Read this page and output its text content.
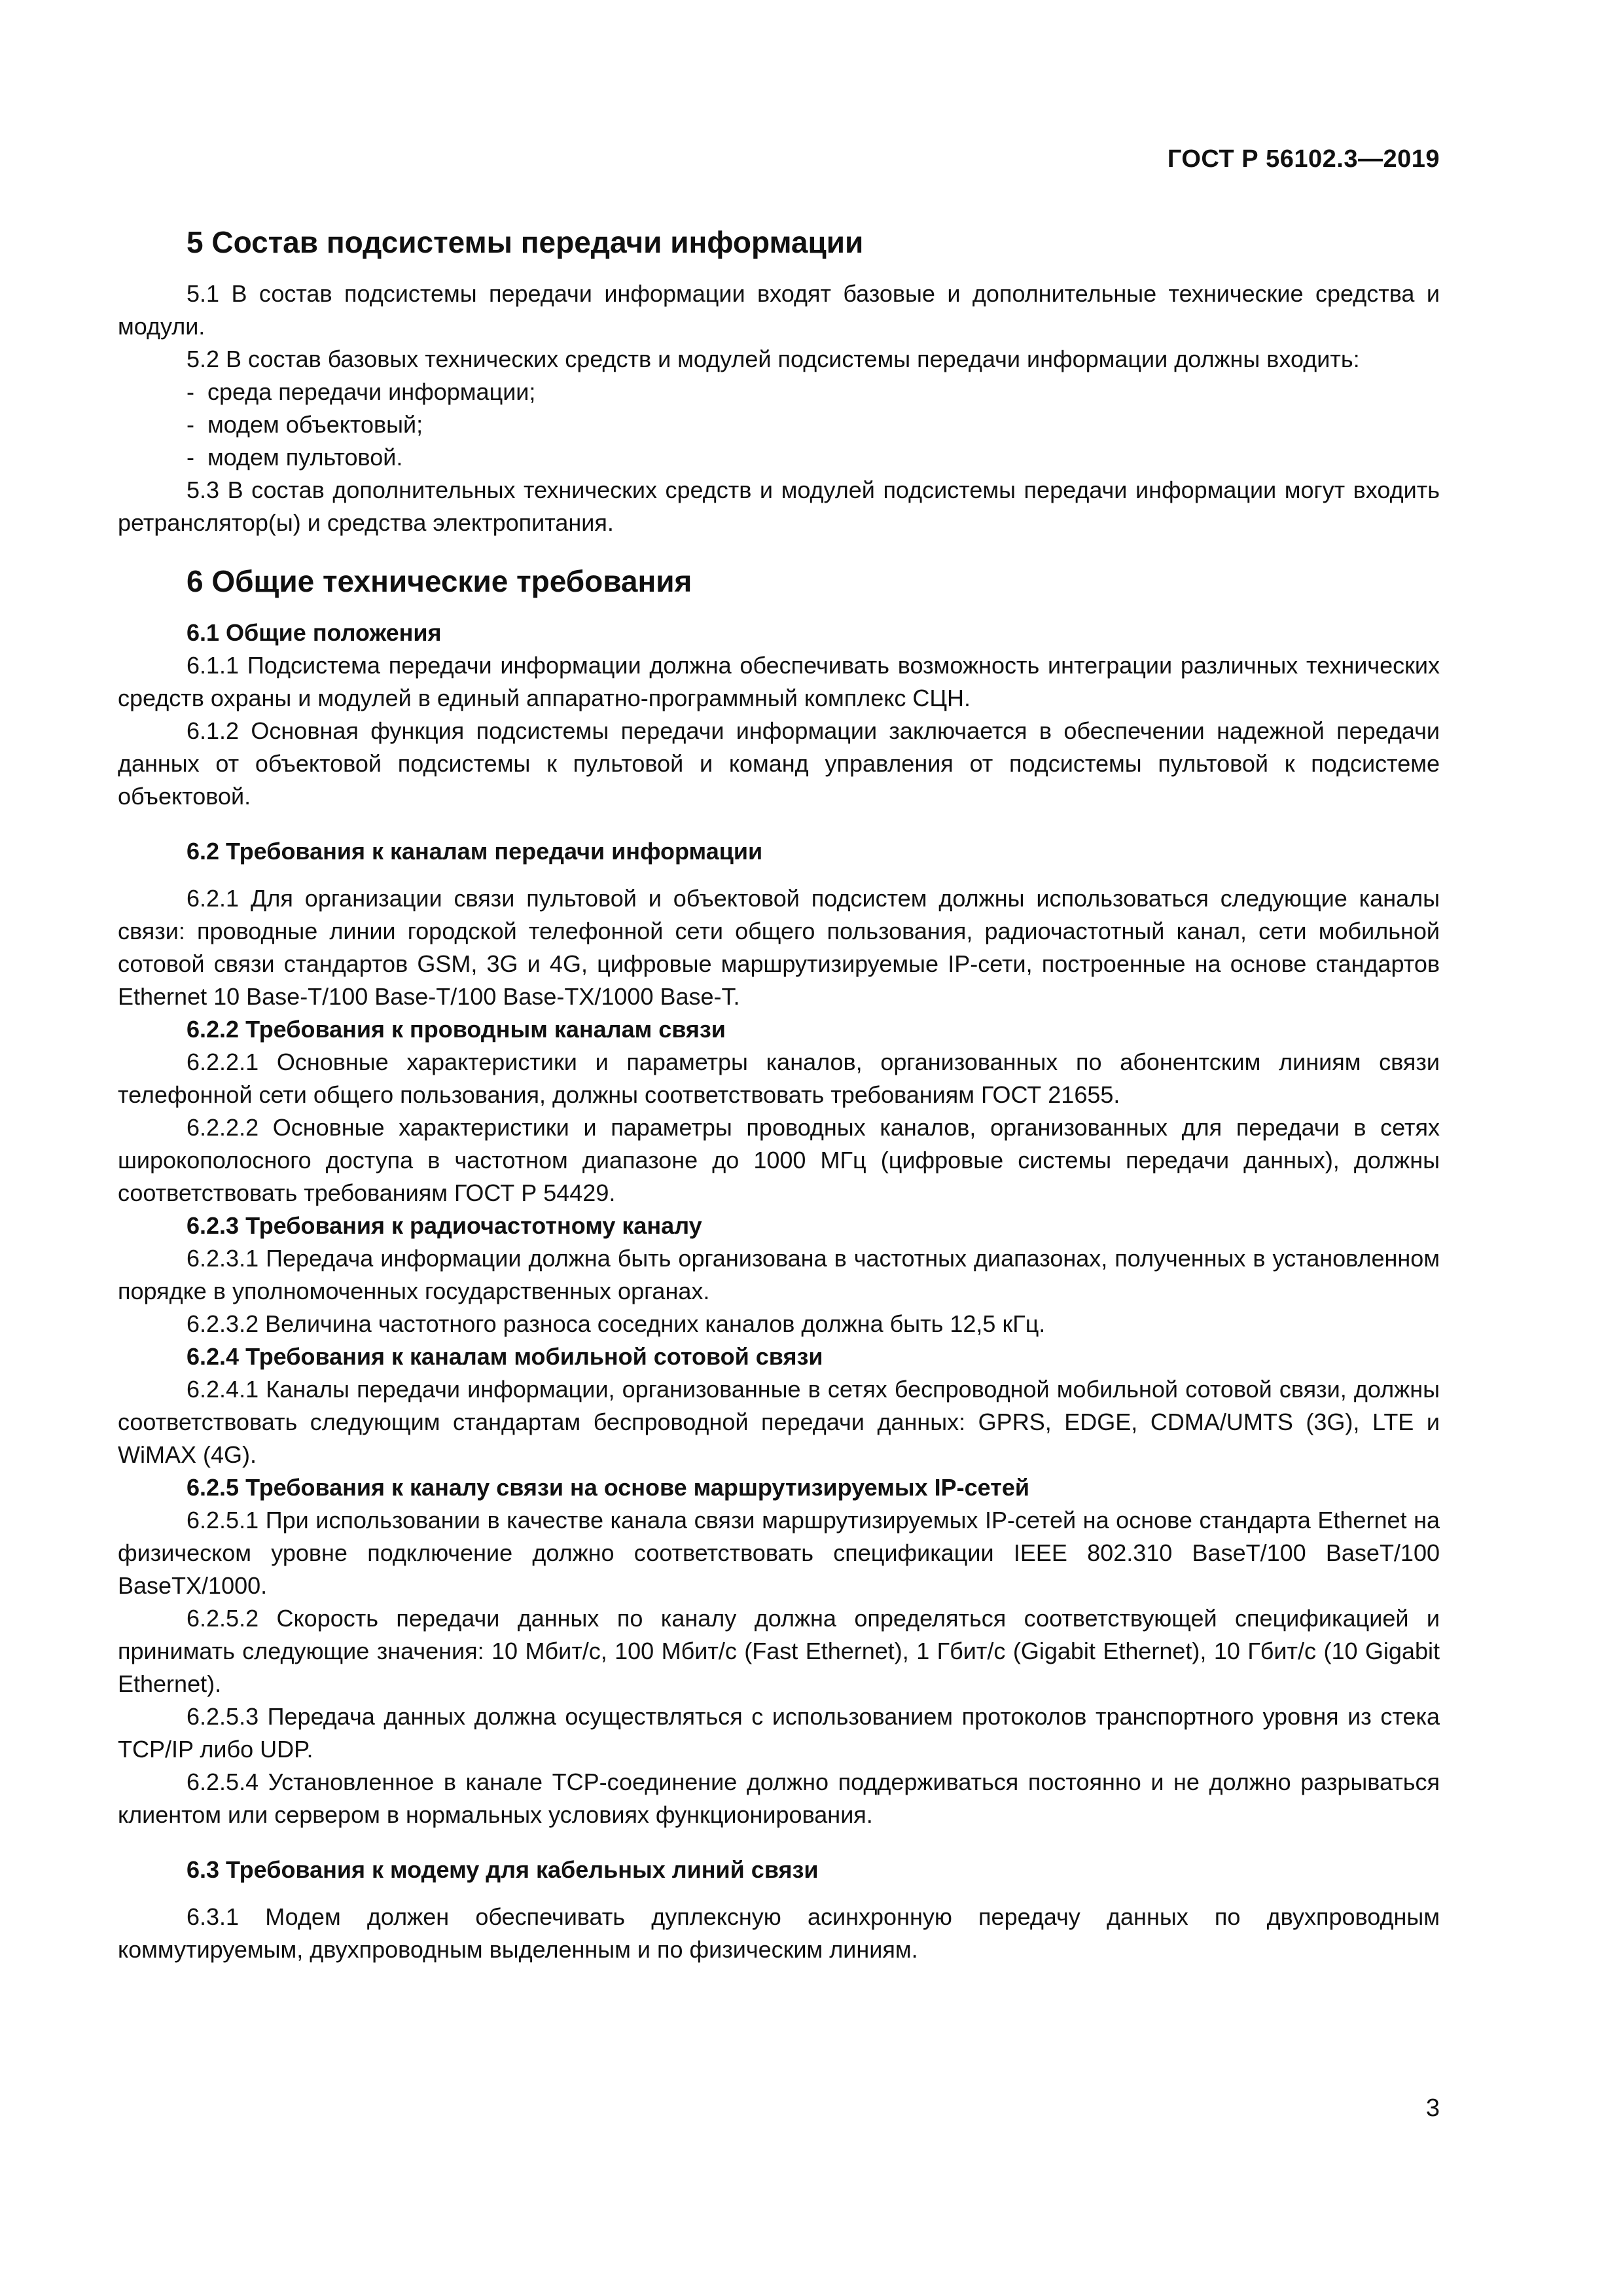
ГОСТ Р 56102.3—2019
5 Состав подсистемы передачи информации

5.1 В состав подсистемы передачи информации входят базовые и дополнительные технические средства и модули.

5.2 В состав базовых технических средств и модулей подсистемы передачи информации должны входить:

- среда передачи информации;
- модем объектовый;
- модем пультовой.

5.3 В состав дополнительных технических средств и модулей подсистемы передачи информации могут входить ретранслятор(ы) и средства электропитания.

6 Общие технические требования
6.1 Общие положения

6.1.1 Подсистема передачи информации должна обеспечивать возможность интеграции различных технических средств охраны и модулей в единый аппаратно-программный комплекс СЦН.

6.1.2 Основная функция подсистемы передачи информации заключается в обеспечении надежной передачи данных от объектовой подсистемы к пультовой и команд управления от подсистемы пультовой к подсистеме объектовой.

6.2 Требования к каналам передачи информации

6.2.1 Для организации связи пультовой и объектовой подсистем должны использоваться следующие каналы связи: проводные линии городской телефонной сети общего пользования, радиочастотный канал, сети мобильной сотовой связи стандартов GSM, 3G и 4G, цифровые маршрутизируемые IP-сети, построенные на основе стандартов Ethernet 10 Base-T/100 Base-T/100 Base-TX/1000 Base-T.

6.2.2 Требования к проводным каналам связи

6.2.2.1 Основные характеристики и параметры каналов, организованных по абонентским линиям связи телефонной сети общего пользования, должны соответствовать требованиям ГОСТ 21655.

6.2.2.2 Основные характеристики и параметры проводных каналов, организованных для передачи в сетях широкополосного доступа в частотном диапазоне до 1000 МГц (цифровые системы передачи данных), должны соответствовать требованиям ГОСТ Р 54429.

6.2.3 Требования к радиочастотному каналу

6.2.3.1 Передача информации должна быть организована в частотных диапазонах, полученных в установленном порядке в уполномоченных государственных органах.

6.2.3.2 Величина частотного разноса соседних каналов должна быть 12,5 кГц.

6.2.4 Требования к каналам мобильной сотовой связи

6.2.4.1 Каналы передачи информации, организованные в сетях беспроводной мобильной сотовой связи, должны соответствовать следующим стандартам беспроводной передачи данных: GPRS, EDGE, CDMA/UMTS (3G), LTE и WiMAX (4G).

6.2.5 Требования к каналу связи на основе маршрутизируемых IP-сетей

6.2.5.1 При использовании в качестве канала связи маршрутизируемых IP-сетей на основе стандарта Ethernet на физическом уровне подключение должно соответствовать спецификации IEEE 802.310 BaseT/100 BaseT/100 BaseTX/1000.

6.2.5.2 Скорость передачи данных по каналу должна определяться соответствующей спецификацией и принимать следующие значения: 10 Мбит/с, 100 Мбит/с (Fast Ethernet), 1 Гбит/с (Gigabit Ethernet), 10 Гбит/с (10 Gigabit Ethernet).

6.2.5.3 Передача данных должна осуществляться с использованием протоколов транспортного уровня из стека TCP/IP либо UDP.

6.2.5.4 Установленное в канале TCP-соединение должно поддерживаться постоянно и не должно разрываться клиентом или сервером в нормальных условиях функционирования.

6.3 Требования к модему для кабельных линий связи

6.3.1 Модем должен обеспечивать дуплексную асинхронную передачу данных по двухпроводным коммутируемым, двухпроводным выделенным и по физическим линиям.

3
